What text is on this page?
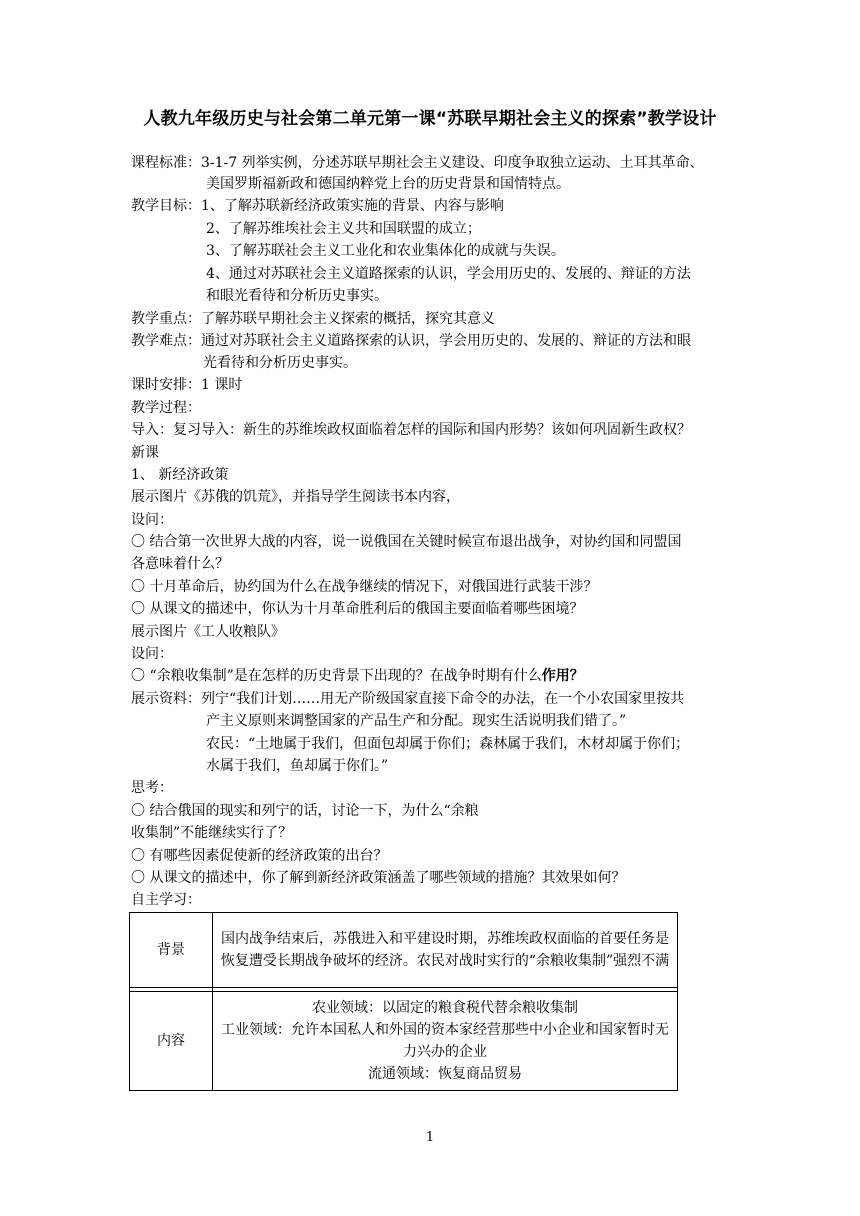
人教九年级历史与社会第二单元第一课“苏联早期社会主义的探索”教学设计
课程标准：3-1-7 列举实例，分述苏联早期社会主义建设、印度争取独立运动、土耳其革命、
美国罗斯福新政和德国纳粹党上台的历史背景和国情特点。
教学目标：1、了解苏联新经济政策实施的背景、内容与影响
2、了解苏维埃社会主义共和国联盟的成立；
3、了解苏联社会主义工业化和农业集体化的成就与失误。
4、通过对苏联社会主义道路探索的认识，学会用历史的、发展的、辩证的方法
和眼光看待和分析历史事实。
教学重点：了解苏联早期社会主义探索的概括，探究其意义
教学难点：通过对苏联社会主义道路探索的认识，学会用历史的、发展的、辩证的方法和眼
光看待和分析历史事实。
课时安排：1 课时
教学过程：
导入：复习导入：新生的苏维埃政权面临着怎样的国际和国内形势？该如何巩固新生政权？
新课
1、 新经济政策
展示图片《苏俄的饥荒》，并指导学生阅读书本内容，
设问：
〇 结合第一次世界大战的内容，说一说俄国在关键时候宣布退出战争，对协约国和同盟国
各意味着什么？
〇 十月革命后，协约国为什么在战争继续的情况下，对俄国进行武装干涉？
〇 从课文的描述中，你认为十月革命胜利后的俄国主要面临着哪些困境？
展示图片《工人收粮队》
设问：
〇 “余粮收集制”是在怎样的历史背景下出现的？在战争时期有什么作用？
展示资料：列宁“我们计划……用无产阶级国家直接下命令的办法，在一个小农国家里按共
产主义原则来调整国家的产品生产和分配。现实生活说明我们错了。”
农民：“土地属于我们，但面包却属于你们；森林属于我们，木材却属于你们；
水属于我们，鱼却属于你们。”
思考：
〇 结合俄国的现实和列宁的话，讨论一下，为什么“余粮
收集制”不能继续实行了？
〇 有哪些因素促使新的经济政策的出台？
〇 从课文的描述中，你了解到新经济政策涵盖了哪些领域的措施？其效果如何？
自主学习：
背景	国内战争结束后，苏俄进入和平建设时期，苏维埃政权面临的首要任务是恢复遭受长期战争破坏的经济。农民对战时实行的“余粮收集制”强烈不满

内容	农业领域：以固定的粮食税代替余粮收集制
工业领域：允许本国私人和外国的资本家经营那些中小企业和国家暂时无力兴办的企业
流通领域：恢复商品贸易
1
